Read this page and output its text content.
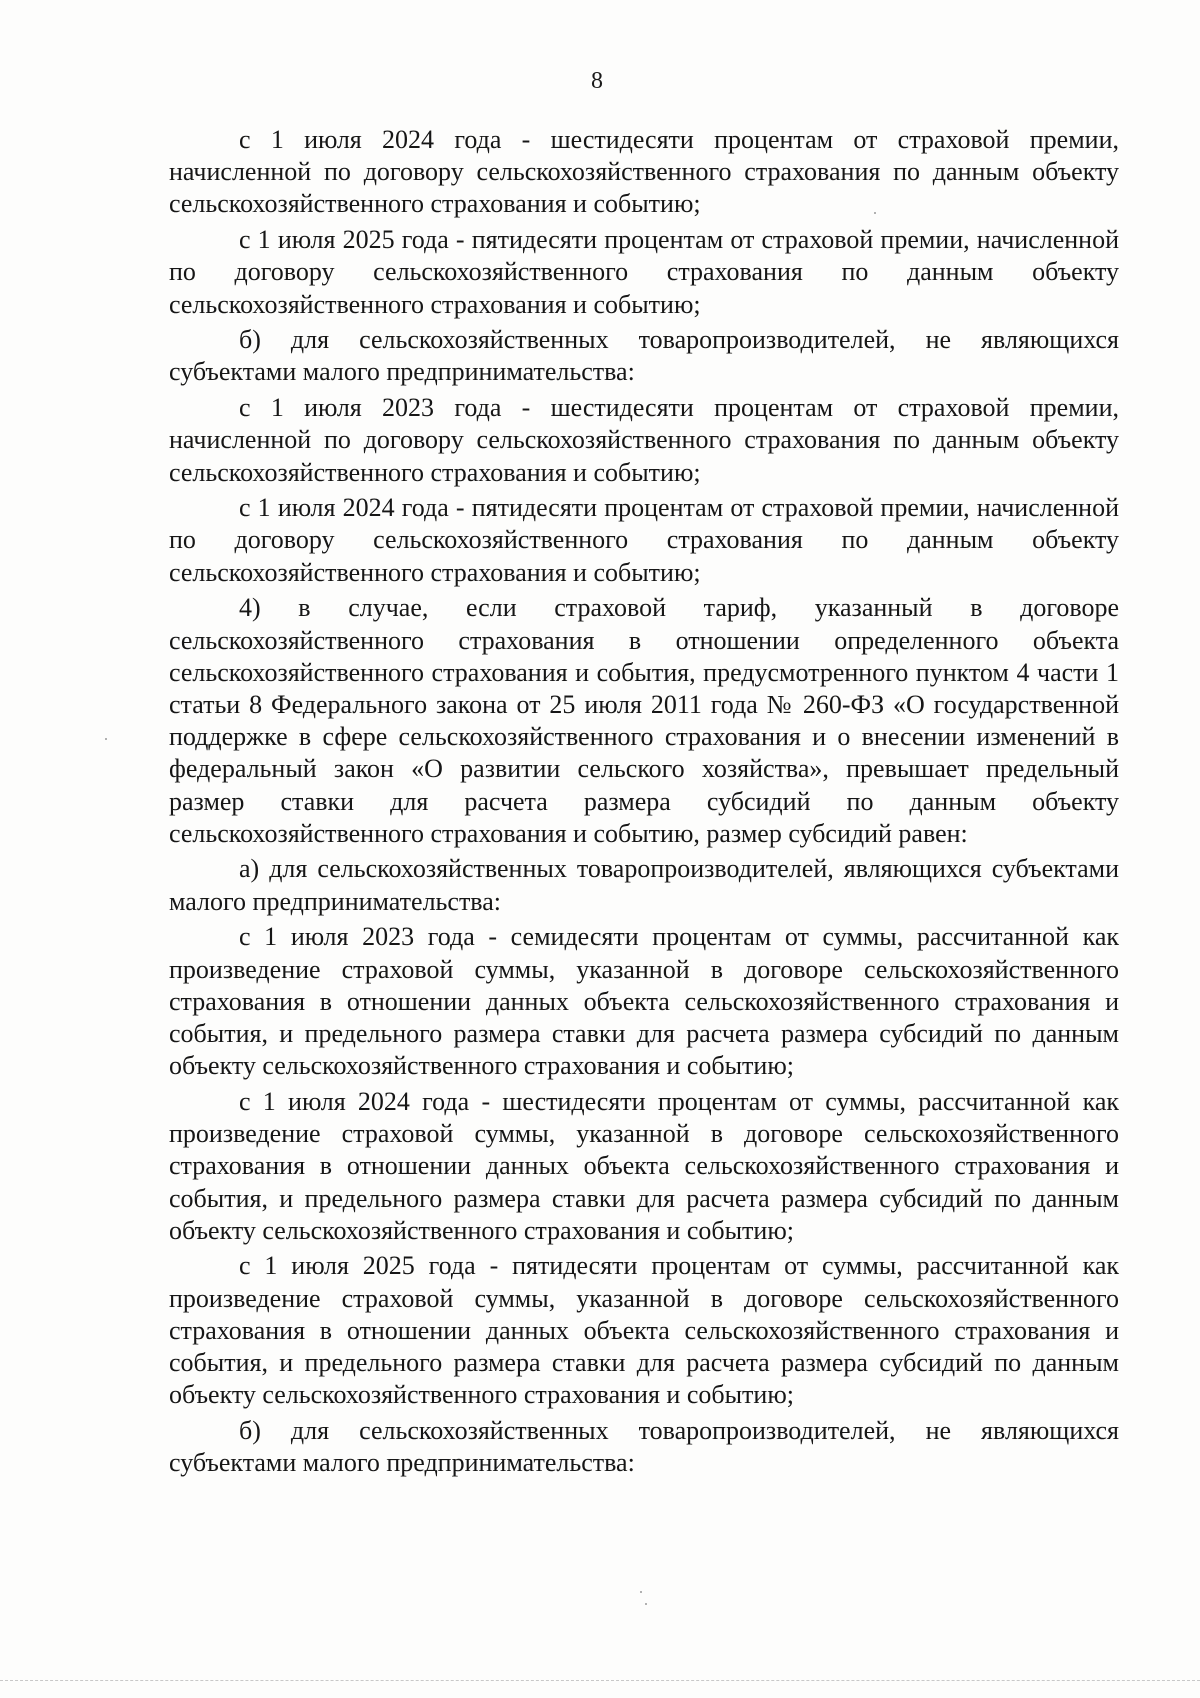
8

с 1 июля 2024 года - шестидесяти процентам от страховой премии, начисленной по договору сельскохозяйственного страхования по данным объекту сельскохозяйственного страхования и событию;

с 1 июля 2025 года - пятидесяти процентам от страховой премии, начисленной по договору сельскохозяйственного страхования по данным объекту сельскохозяйственного страхования и событию;

б) для сельскохозяйственных товаропроизводителей, не являющихся субъектами малого предпринимательства:

с 1 июля 2023 года - шестидесяти процентам от страховой премии, начисленной по договору сельскохозяйственного страхования по данным объекту сельскохозяйственного страхования и событию;

с 1 июля 2024 года - пятидесяти процентам от страховой премии, начисленной по договору сельскохозяйственного страхования по данным объекту сельскохозяйственного страхования и событию;

4) в случае, если страховой тариф, указанный в договоре сельскохозяйственного страхования в отношении определенного объекта сельскохозяйственного страхования и события, предусмотренного пунктом 4 части 1 статьи 8 Федерального закона от 25 июля 2011 года № 260-ФЗ «О государственной поддержке в сфере сельскохозяйственного страхования и о внесении изменений в федеральный закон «О развитии сельского хозяйства», превышает предельный размер ставки для расчета размера субсидий по данным объекту сельскохозяйственного страхования и событию, размер субсидий равен:

а) для сельскохозяйственных товаропроизводителей, являющихся субъектами малого предпринимательства:

с 1 июля 2023 года - семидесяти процентам от суммы, рассчитанной как произведение страховой суммы, указанной в договоре сельскохозяйственного страхования в отношении данных объекта сельскохозяйственного страхования и события, и предельного размера ставки для расчета размера субсидий по данным объекту сельскохозяйственного страхования и событию;

с 1 июля 2024 года - шестидесяти процентам от суммы, рассчитанной как произведение страховой суммы, указанной в договоре сельскохозяйственного страхования в отношении данных объекта сельскохозяйственного страхования и события, и предельного размера ставки для расчета размера субсидий по данным объекту сельскохозяйственного страхования и событию;

с 1 июля 2025 года - пятидесяти процентам от суммы, рассчитанной как произведение страховой суммы, указанной в договоре сельскохозяйственного страхования в отношении данных объекта сельскохозяйственного страхования и события, и предельного размера ставки для расчета размера субсидий по данным объекту сельскохозяйственного страхования и событию;

б) для сельскохозяйственных товаропроизводителей, не являющихся субъектами малого предпринимательства:
